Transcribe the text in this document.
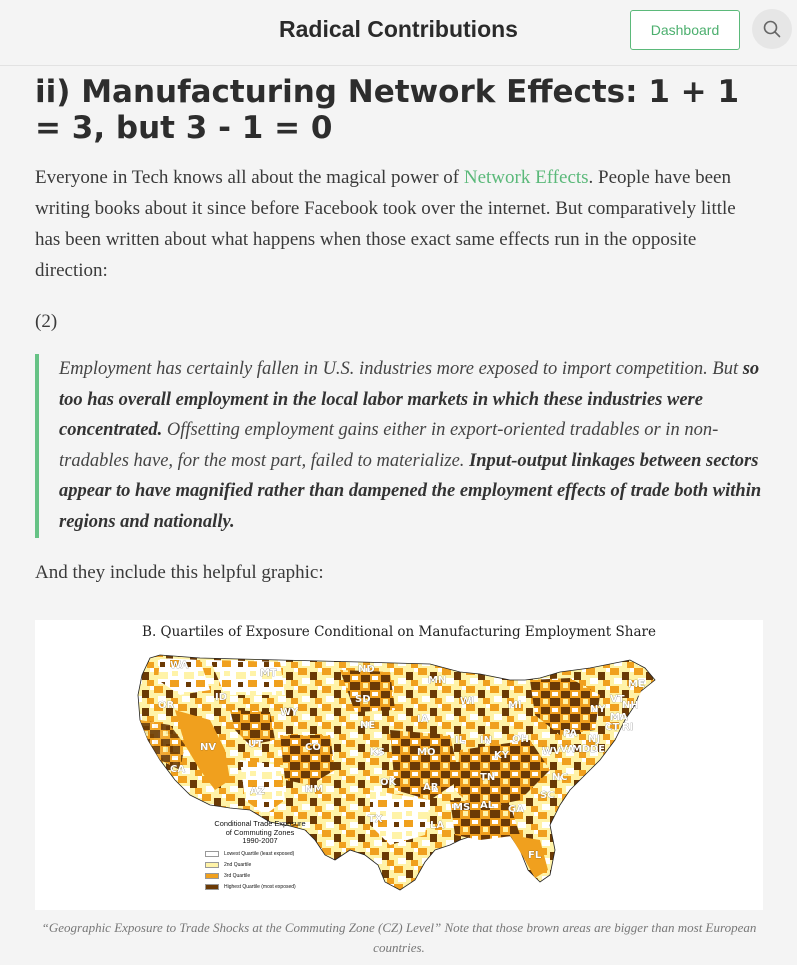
Radical Contributions	Dashboard
ii) Manufacturing Network Effects: 1 + 1 = 3, but 3 - 1 = 0

Everyone in Tech knows all about the magical power of Network Effects. People have been writing books about it since before Facebook took over the internet. But comparatively little has been written about what happens when those exact same effects run in the opposite direction:

(2)

Employment has certainly fallen in U.S. industries more exposed to import competition. But so too has overall employment in the local labor markets in which these industries were concentrated. Offsetting employment gains either in export-oriented tradables or in non-tradables have, for the most part, failed to materialize. Input-output linkages between sectors appear to have magnified rather than dampened the employment effects of trade both within regions and nationally.

And they include this helpful graphic:

B. Quartiles of Exposure Conditional on Manufacturing Employment Share
WA
MT	ND
MN	ME
OR
ID	SD	WI	MI	NY
VT
NH
MA
WY
IA
CT RI
NE
PA
NJ
NV	UT	CO
IL IN OH
MD DE
CA
KS	MO	WV VA
KY
TN	NC
OK	AR
AZ	NM
SC
MS AL GA
TX
LA
FL
Conditional Trade Exposure
of Commuting Zones
1990-2007
Lowest Quartile (least exposed)
2nd Quartile
3rd Quartile
Highest Quartile (most exposed)

“Geographic Exposure to Trade Shocks at the Commuting Zone (CZ) Level” Note that those brown areas are bigger than most European countries.
